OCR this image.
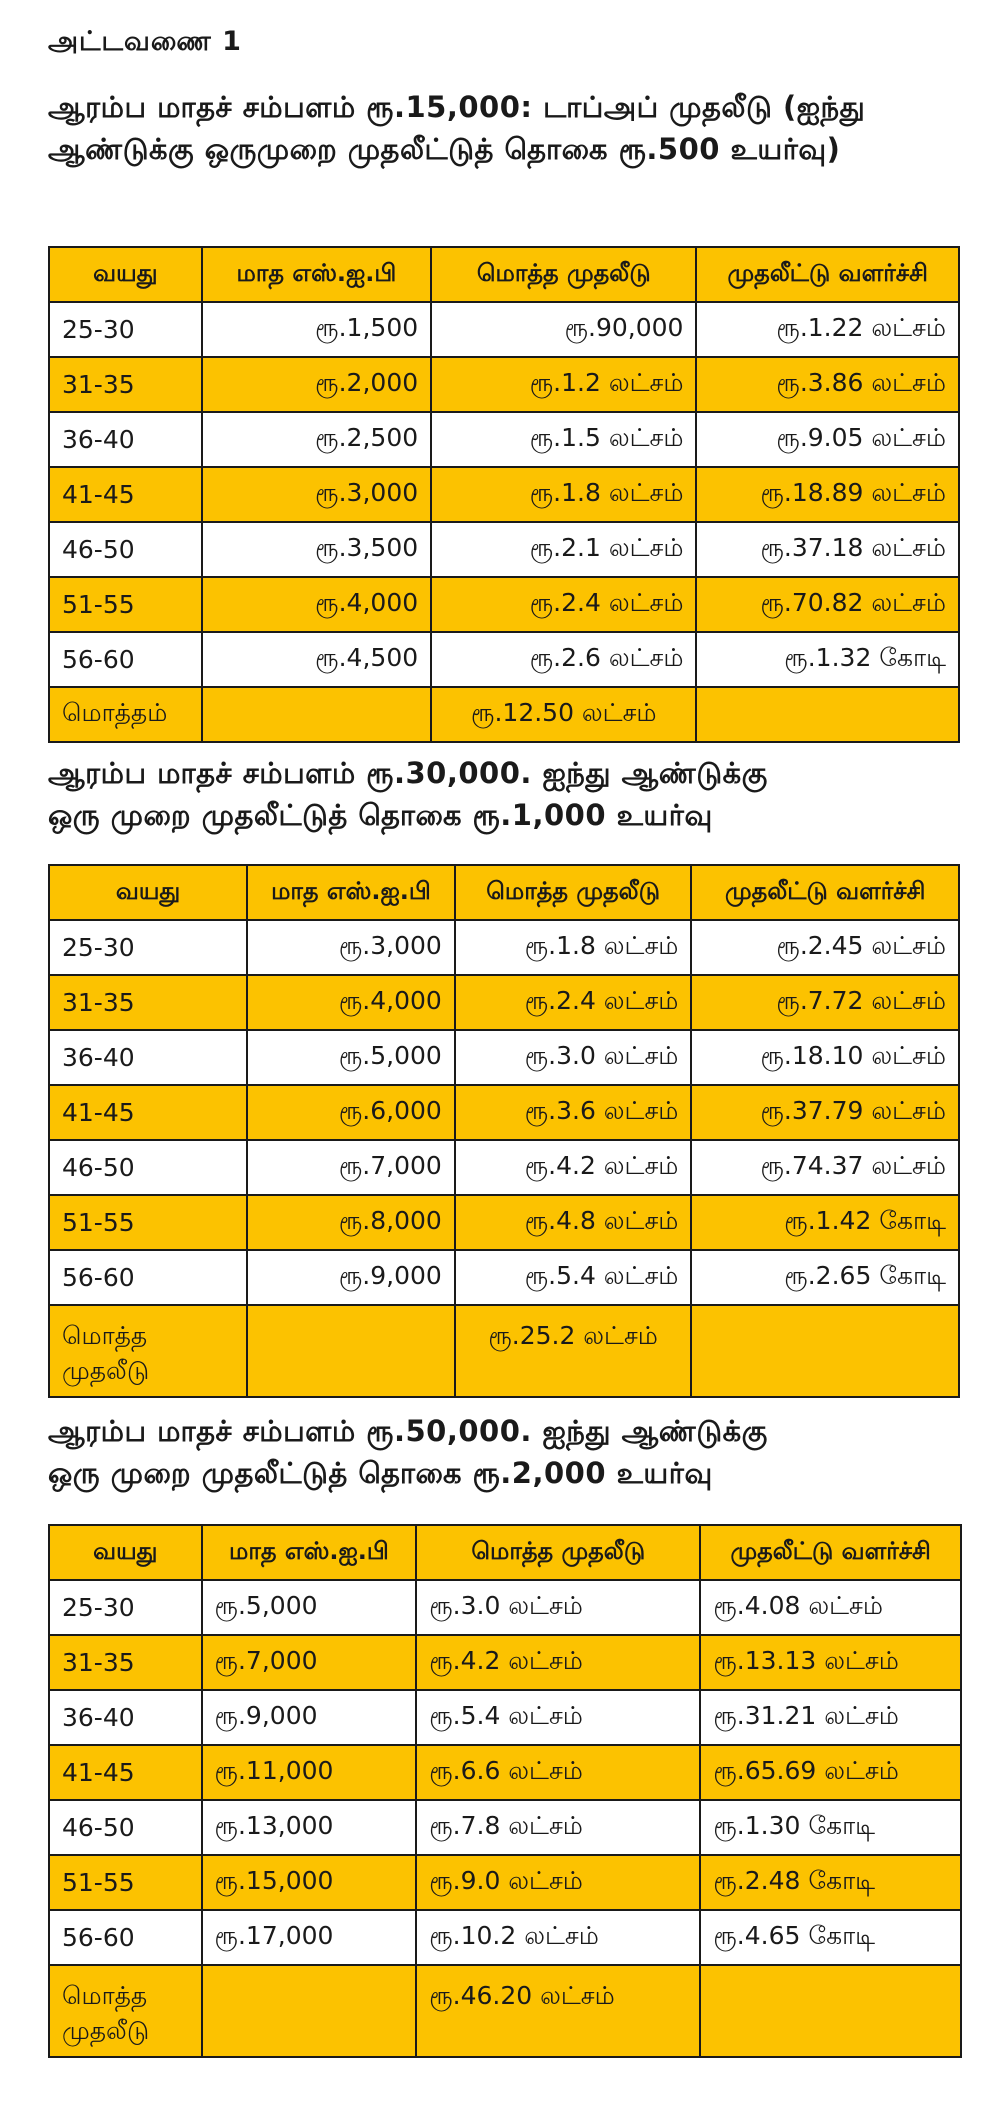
அட்டவணை 1
ஆரம்ப மாதச் சம்பளம் ரூ.15,000: டாப்அப் முதலீடு (ஐந்து ஆண்டுக்கு ஒருமுறை முதலீட்டுத் தொகை ரூ.500 உயர்வு)
வயது	மாத எஸ்.ஐ.பி	மொத்த முதலீடு	முதலீட்டு வளர்ச்சி
25-30	ரூ.1,500	ரூ.90,000	ரூ.1.22 லட்சம்
31-35	ரூ.2,000	ரூ.1.2 லட்சம்	ரூ.3.86 லட்சம்
36-40	ரூ.2,500	ரூ.1.5 லட்சம்	ரூ.9.05 லட்சம்
41-45	ரூ.3,000	ரூ.1.8 லட்சம்	ரூ.18.89 லட்சம்
46-50	ரூ.3,500	ரூ.2.1 லட்சம்	ரூ.37.18 லட்சம்
51-55	ரூ.4,000	ரூ.2.4 லட்சம்	ரூ.70.82 லட்சம்
56-60	ரூ.4,500	ரூ.2.6 லட்சம்	ரூ.1.32 கோடி
மொத்தம்		ரூ.12.50 லட்சம்	
ஆரம்ப மாதச் சம்பளம் ரூ.30,000. ஐந்து ஆண்டுக்கு
ஒரு முறை முதலீட்டுத் தொகை ரூ.1,000 உயர்வு
வயது	மாத எஸ்.ஐ.பி	மொத்த முதலீடு	முதலீட்டு வளர்ச்சி
25-30	ரூ.3,000	ரூ.1.8 லட்சம்	ரூ.2.45 லட்சம்
31-35	ரூ.4,000	ரூ.2.4 லட்சம்	ரூ.7.72 லட்சம்
36-40	ரூ.5,000	ரூ.3.0 லட்சம்	ரூ.18.10 லட்சம்
41-45	ரூ.6,000	ரூ.3.6 லட்சம்	ரூ.37.79 லட்சம்
46-50	ரூ.7,000	ரூ.4.2 லட்சம்	ரூ.74.37 லட்சம்
51-55	ரூ.8,000	ரூ.4.8 லட்சம்	ரூ.1.42 கோடி
56-60	ரூ.9,000	ரூ.5.4 லட்சம்	ரூ.2.65 கோடி
மொத்த முதலீடு		ரூ.25.2 லட்சம்	
ஆரம்ப மாதச் சம்பளம் ரூ.50,000. ஐந்து ஆண்டுக்கு
ஒரு முறை முதலீட்டுத் தொகை ரூ.2,000 உயர்வு
வயது	மாத எஸ்.ஐ.பி	மொத்த முதலீடு	முதலீட்டு வளர்ச்சி
25-30	ரூ.5,000	ரூ.3.0 லட்சம்	ரூ.4.08 லட்சம்
31-35	ரூ.7,000	ரூ.4.2 லட்சம்	ரூ.13.13 லட்சம்
36-40	ரூ.9,000	ரூ.5.4 லட்சம்	ரூ.31.21 லட்சம்
41-45	ரூ.11,000	ரூ.6.6 லட்சம்	ரூ.65.69 லட்சம்
46-50	ரூ.13,000	ரூ.7.8 லட்சம்	ரூ.1.30 கோடி
51-55	ரூ.15,000	ரூ.9.0 லட்சம்	ரூ.2.48 கோடி
56-60	ரூ.17,000	ரூ.10.2 லட்சம்	ரூ.4.65 கோடி
மொத்த முதலீடு		ரூ.46.20 லட்சம்	
